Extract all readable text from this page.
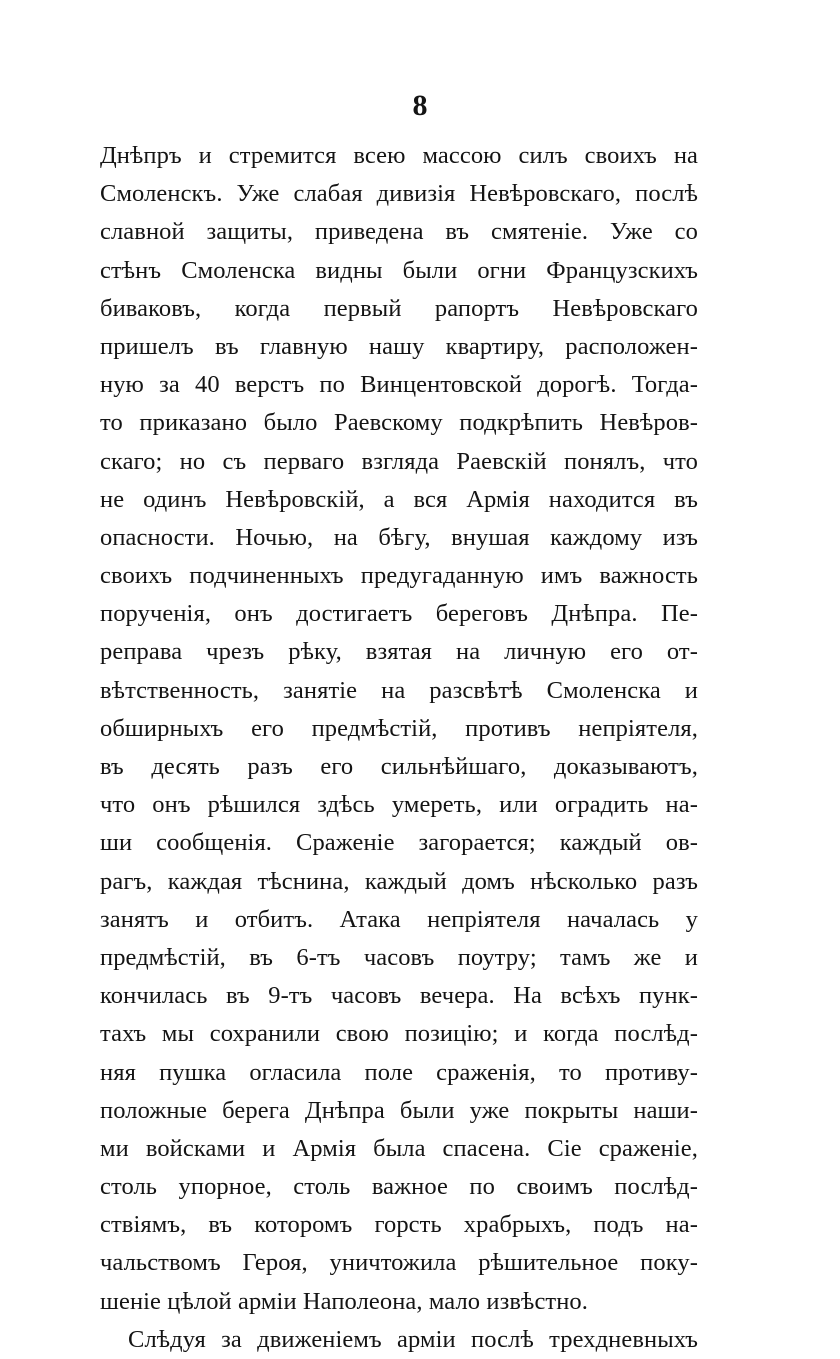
8
Днѣпръ и стремится всею массою силъ своихъ на
Смоленскъ. Уже слабая дивизія Невѣровскаго, послѣ
славной защиты, приведена въ смятеніе. Уже со
стѣнъ Смоленска видны были огни Французскихъ
биваковъ, когда первый рапортъ Невѣровскаго
пришелъ въ главную нашу квартиру, расположен-
ную за 40 верстъ по Винцентовской дорогѣ. Тогда-
то приказано было Раевскому подкрѣпить Невѣров-
скаго; но съ перваго взгляда Раевскій понялъ, что
не одинъ Невѣровскій, а вся Армія находится въ
опасности. Ночью, на бѣгу, внушая каждому изъ
своихъ подчиненныхъ предугаданную имъ важность
порученія, онъ достигаетъ береговъ Днѣпра. Пе-
реправа чрезъ рѣку, взятая на личную его от-
вѣтственность, занятіе на разсвѣтѣ Смоленска и
обширныхъ его предмѣстій, противъ непріятеля,
въ десять разъ его сильнѣйшаго, доказываютъ,
что онъ рѣшился здѣсь умереть, или оградить на-
ши сообщенія. Сраженіе загорается; каждый ов-
рагъ, каждая тѣснина, каждый домъ нѣсколько разъ
занятъ и отбитъ. Атака непріятеля началась у
предмѣстій, въ 6-тъ часовъ поутру; тамъ же и
кончилась въ 9-тъ часовъ вечера. На всѣхъ пунк-
тахъ мы сохранили свою позицію; и когда послѣд-
няя пушка огласила поле сраженія, то противу-
положные берега Днѣпра были уже покрыты наши-
ми войсками и Армія была спасена. Сіе сраженіе,
столь упорное, столь важное по своимъ послѣд-
ствіямъ, въ которомъ горсть храбрыхъ, подъ на-
чальствомъ Героя, уничтожила рѣшительное поку-
шеніе цѣлой арміи Наполеона, мало извѣстно.
Слѣдуя за движеніемъ арміи послѣ трехдневныхъ
